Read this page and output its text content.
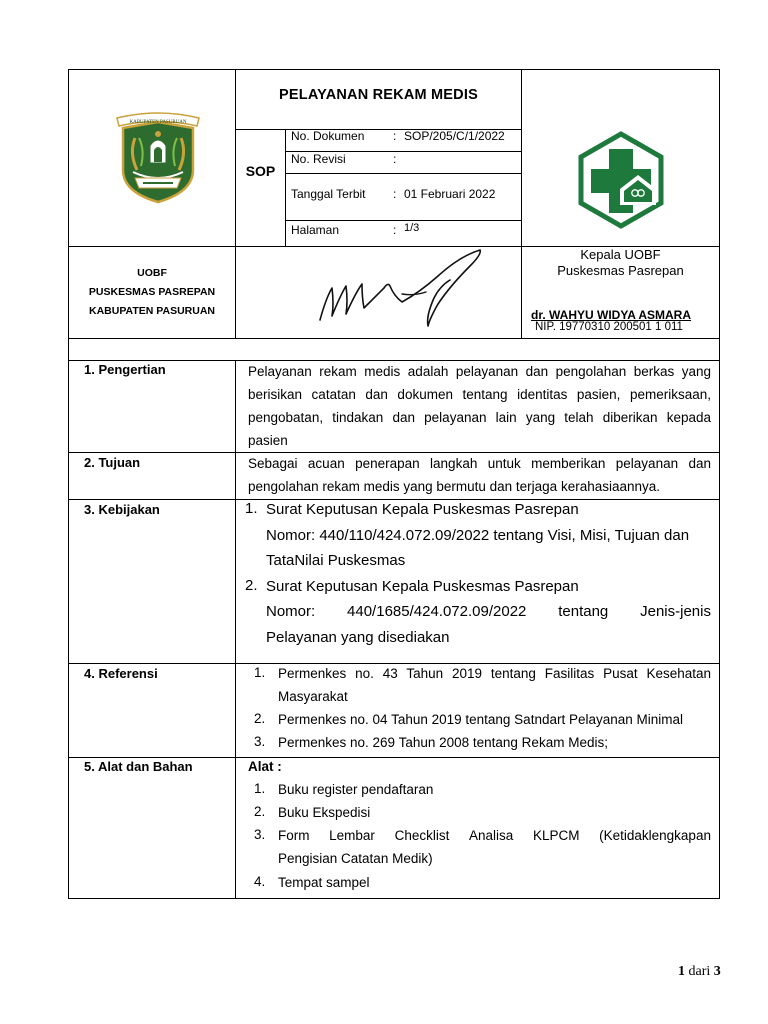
KABUPATEN PASURUAN
PELAYANAN REKAM MEDIS
SOP
No. Dokumen : SOP/205/C/1/2022
No. Revisi	:
Tanggal Terbit : 01 Februari 2022
Halaman	: 1/3
UOBF
PUSKESMAS PASREPAN
KABUPATEN PASURUAN
Kepala UOBF
Puskesmas Pasrepan
dr. WAHYU WIDYA ASMARA
NIP. 19770310 200501 1 011
1. Pengertian	Pelayanan rekam medis adalah pelayanan dan pengolahan berkas yang
berisikan catatan dan dokumen tentang identitas pasien, pemeriksaan,
pengobatan, tindakan dan pelayanan lain yang telah diberikan kepada
pasien
2. Tujuan	Sebagai acuan penerapan langkah untuk memberikan pelayanan dan
pengolahan rekam medis yang bermutu dan terjaga kerahasiaannya.
3. Kebijakan	1. Surat Keputusan Kepala Puskesmas Pasrepan
Nomor: 440/110/424.072.09/2022 tentang Visi, Misi, Tujuan dan
TataNilai Puskesmas
2. Surat Keputusan Kepala Puskesmas Pasrepan
Nomor: 440/1685/424.072.09/2022 tentang Jenis-jenis
Pelayanan yang disediakan
4. Referensi	1. Permenkes no. 43 Tahun 2019 tentang Fasilitas Pusat Kesehatan
Masyarakat
2. Permenkes no. 04 Tahun 2019 tentang Satndart Pelayanan Minimal
3. Permenkes no. 269 Tahun 2008 tentang Rekam Medis;
5. Alat dan Bahan	Alat :
1. Buku register pendaftaran
2. Buku Ekspedisi
3. Form Lembar Checklist Analisa KLPCM (Ketidaklengkapan
Pengisian Catatan Medik)
4. Tempat sampel
1 dari 3
